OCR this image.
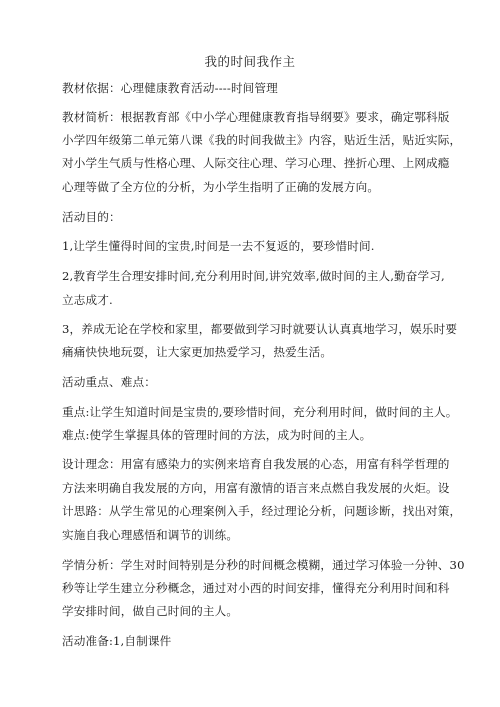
我的时间我作主
教材依据：心理健康教育活动----时间管理
教材简析：根据教育部《中小学心理健康教育指导纲要》要求，确定鄂科版
小学四年级第二单元第八课《我的时间我做主》内容，贴近生活，贴近实际，
对小学生气质与性格心理、人际交往心理、学习心理、挫折心理、上网成瘾
心理等做了全方位的分析，为小学生指明了正确的发展方向。
活动目的：
1,让学生懂得时间的宝贵,时间是一去不复返的，要珍惜时间.
2,教育学生合理安排时间,充分利用时间,讲究效率,做时间的主人,勤奋学习,
立志成才.
3，养成无论在学校和家里，都要做到学习时就要认认真真地学习，娱乐时要
痛痛快快地玩耍，让大家更加热爱学习，热爱生活。
活动重点、难点：
重点:让学生知道时间是宝贵的,要珍惜时间，充分利用时间，做时间的主人。
难点:使学生掌握具体的管理时间的方法，成为时间的主人。
设计理念：用富有感染力的实例来培育自我发展的心态，用富有科学哲理的
方法来明确自我发展的方向，用富有激情的语言来点燃自我发展的火炬。设
计思路：从学生常见的心理案例入手，经过理论分析，问题诊断，找出对策，
实施自我心理感悟和调节的训练。
学情分析：学生对时间特别是分秒的时间概念模糊，通过学习体验一分钟、30
秒等让学生建立分秒概念，通过对小西的时间安排，懂得充分利用时间和科
学安排时间，做自己时间的主人。
活动准备:1,自制课件
